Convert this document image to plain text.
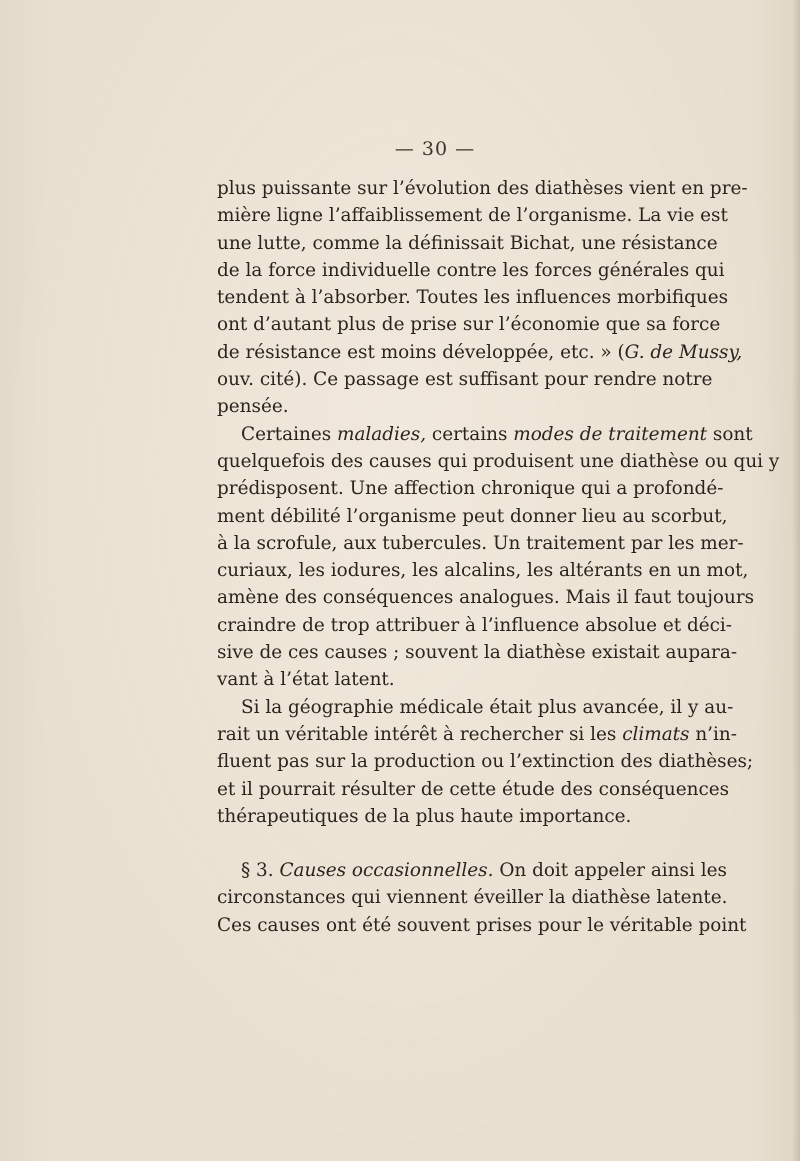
— 30 —
plus puissante sur l’évolution des diathèses vient en pre-
mière ligne l’affaiblissement de l’organisme. La vie est
une lutte, comme la définissait Bichat, une résistance
de la force individuelle contre les forces générales qui
tendent à l’absorber. Toutes les influences morbifiques
ont d’autant plus de prise sur l’économie que sa force
de résistance est moins développée, etc. » (G. de Mussy,
ouv. cité). Ce passage est suffisant pour rendre notre
pensée.
Certaines maladies, certains modes de traitement sont
quelquefois des causes qui produisent une diathèse ou qui y
prédisposent. Une affection chronique qui a profondé-
ment débilité l’organisme peut donner lieu au scorbut,
à la scrofule, aux tubercules. Un traitement par les mer-
curiaux, les iodures, les alcalins, les altérants en un mot,
amène des conséquences analogues. Mais il faut toujours
craindre de trop attribuer à l’influence absolue et déci-
sive de ces causes ; souvent la diathèse existait aupara-
vant à l’état latent.
Si la géographie médicale était plus avancée, il y au-
rait un véritable intérêt à rechercher si les climats n’in-
fluent pas sur la production ou l’extinction des diathèses;
et il pourrait résulter de cette étude des conséquences
thérapeutiques de la plus haute importance.
§ 3. Causes occasionnelles. On doit appeler ainsi les
circonstances qui viennent éveiller la diathèse latente.
Ces causes ont été souvent prises pour le véritable point
